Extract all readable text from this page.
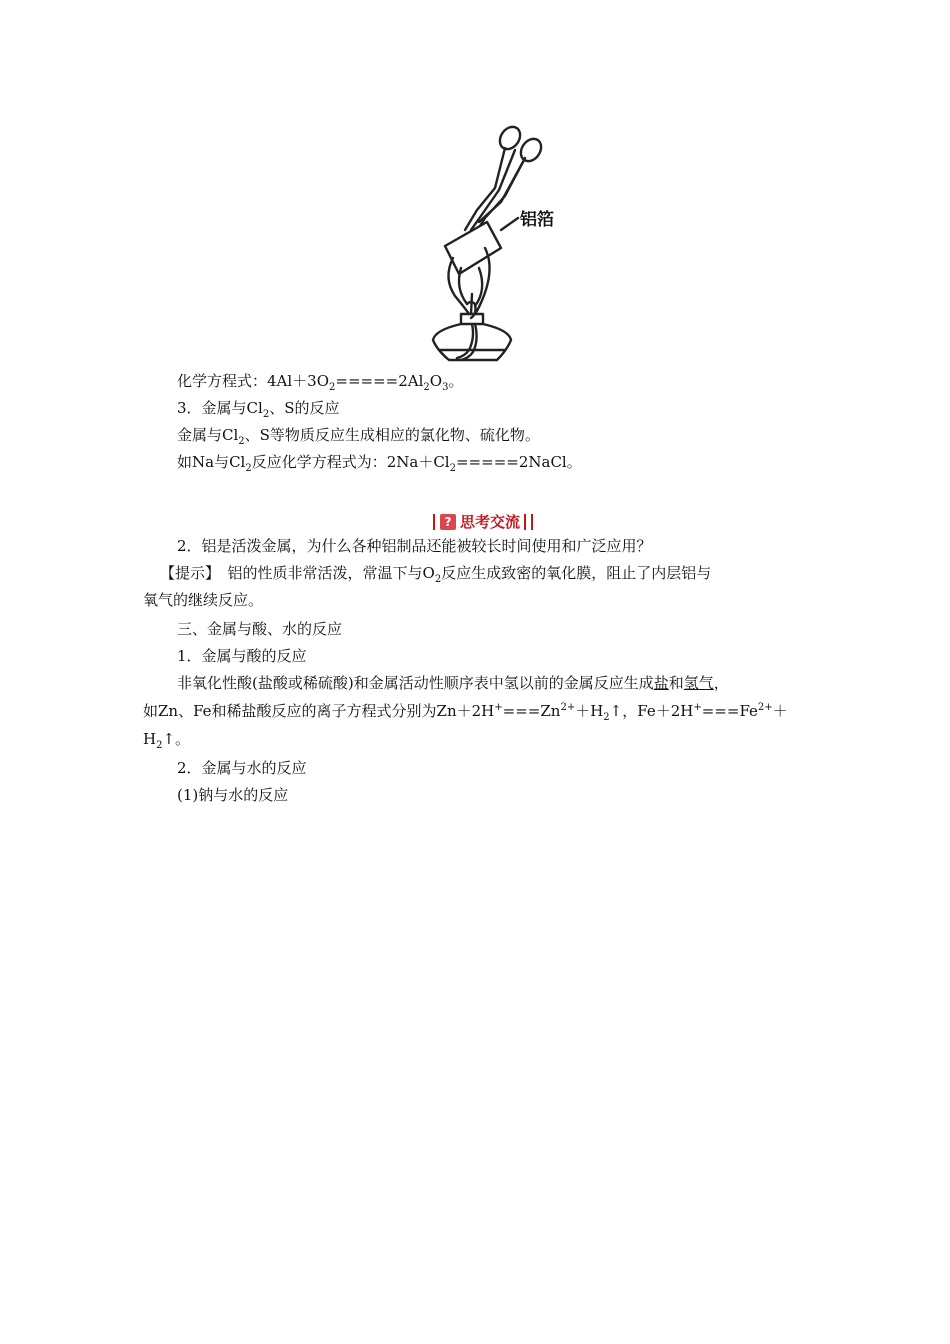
铝箔
化学方程式：$4Al+3O_2=====2Al_2O_3$。
3．金属与$Cl_2$、S的反应
金属与$Cl_2$、S等物质反应生成相应的氯化物、硫化物。
如Na与$Cl_2$反应化学方程式为：$2Na+Cl_2=====2NaCl$。
? 思考交流
2．铝是活泼金属，为什么各种铝制品还能被较长时间使用和广泛应用？
【提示】　铝的性质非常活泼，常温下与$O_2$反应生成致密的氧化膜，阻止了内层铝与
氧气的继续反应。
三、金属与酸、水的反应
1．金属与酸的反应
非氧化性酸(盐酸或稀硫酸)和金属活动性顺序表中氢以前的金属反应生成盐和氢气，
如Zn、Fe和稀盐酸反应的离子方程式分别为$Zn+2H^+===Zn^{2+}+H_2↑$，$Fe+2H^+===Fe^{2+}+$
$H_2↑$。
2．金属与水的反应
(1)钠与水的反应
